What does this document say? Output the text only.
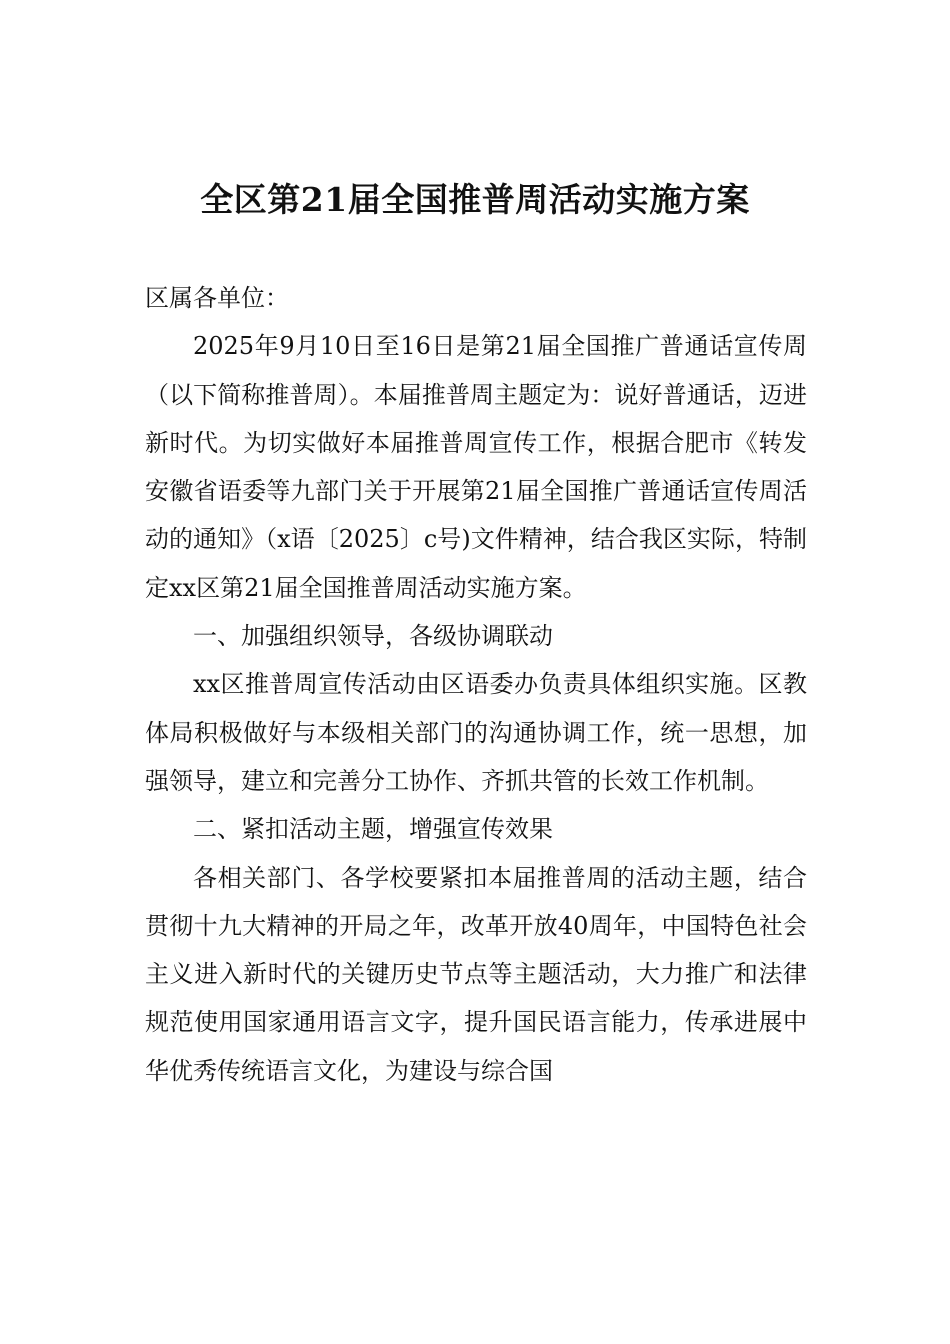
全区第21届全国推普周活动实施方案

区属各单位：

2025年9月10日至16日是第21届全国推广普通话宣传周（以下简称推普周）。本届推普周主题定为：说好普通话，迈进新时代。为切实做好本届推普周宣传工作，根据合肥市《转发安徽省语委等九部门关于开展第21届全国推广普通话宣传周活动的通知》（x语〔2025〕c号)文件精神，结合我区实际，特制定xx区第21届全国推普周活动实施方案。

一、加强组织领导，各级协调联动

xx区推普周宣传活动由区语委办负责具体组织实施。区教体局积极做好与本级相关部门的沟通协调工作，统一思想，加强领导，建立和完善分工协作、齐抓共管的长效工作机制。

二、紧扣活动主题，增强宣传效果

各相关部门、各学校要紧扣本届推普周的活动主题，结合贯彻十九大精神的开局之年，改革开放40周年，中国特色社会主义进入新时代的关键历史节点等主题活动，大力推广和法律规范使用国家通用语言文字，提升国民语言能力，传承进展中华优秀传统语言文化，为建设与综合国
